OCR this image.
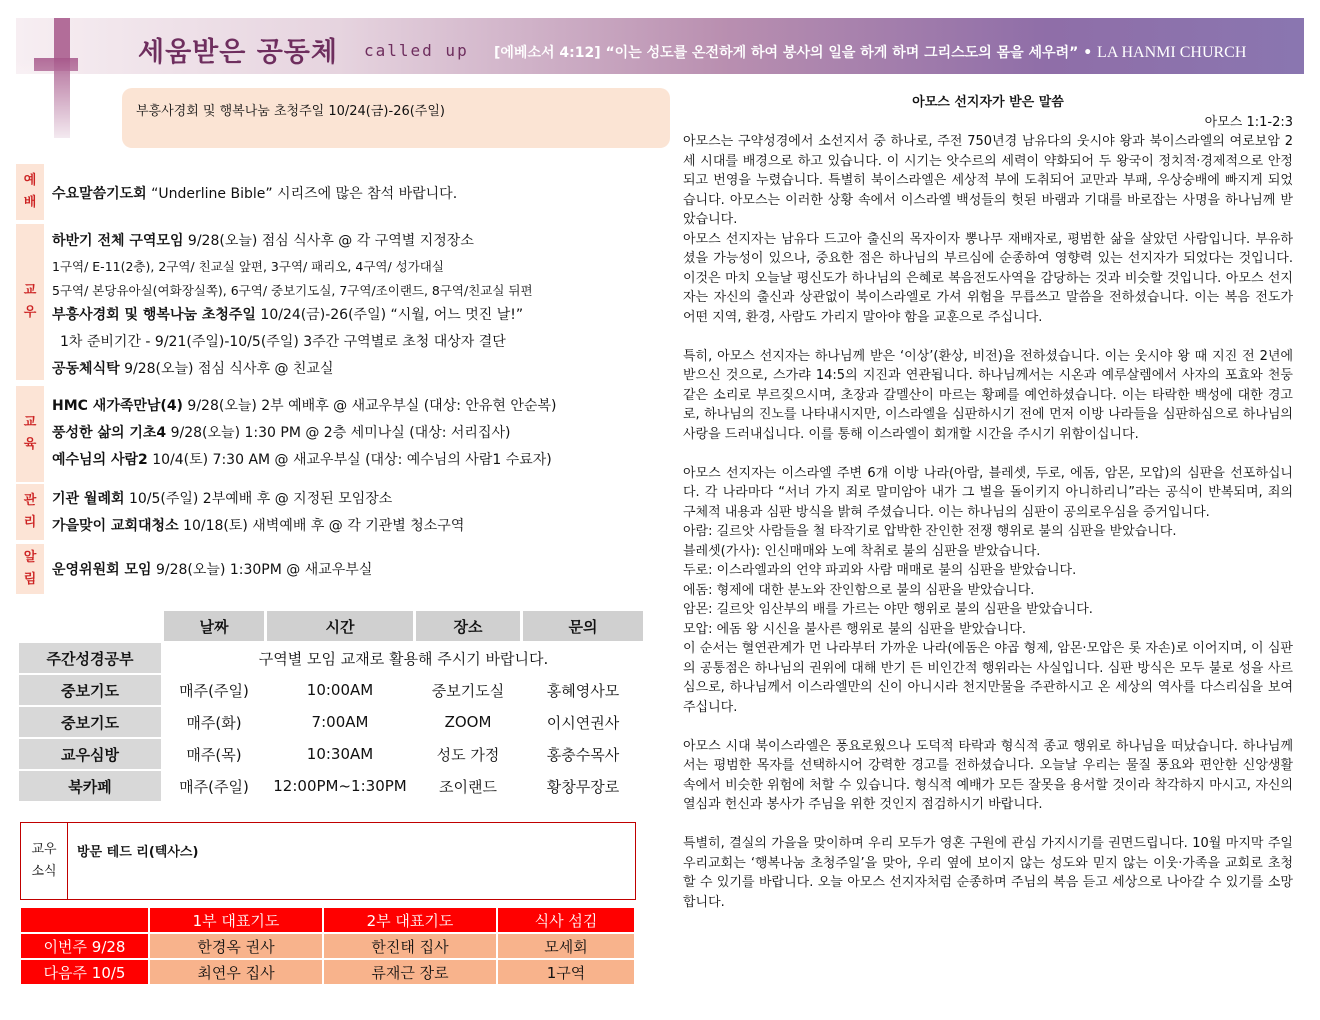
세움받은 공동체 called up [에베소서 4:12] “이는 성도를 온전하게 하여 봉사의 일을 하게 하며 그리스도의 몸을 세우려” • LA HANMI CHURCH
부흥사경회 및 행복나눔 초청주일 10/24(금)-26(주일)
예
배
수요말씀기도회 “Underline Bible” 시리즈에 많은 참석 바랍니다.
교
우
하반기 전체 구역모임 9/28(오늘) 점심 식사후 @ 각 구역별 지정장소
1구역/ E-11(2층), 2구역/ 친교실 앞편, 3구역/ 패리오, 4구역/ 성가대실
5구역/ 본당유아실(여화장실쪽), 6구역/ 중보기도실, 7구역/조이랜드, 8구역/친교실 뒤편
부흥사경회 및 행복나눔 초청주일 10/24(금)-26(주일) “시월, 어느 멋진 날!”
1차 준비기간 - 9/21(주일)-10/5(주일) 3주간 구역별로 초청 대상자 결단
공동체식탁 9/28(오늘) 점심 식사후 @ 친교실
교
육
HMC 새가족만남(4) 9/28(오늘) 2부 예배후 @ 새교우부실 (대상: 안유현 안순복)
풍성한 삶의 기초4 9/28(오늘) 1:30 PM @ 2층 세미나실 (대상: 서리집사)
예수님의 사람2 10/4(토) 7:30 AM @ 새교우부실 (대상: 예수님의 사람1 수료자)
관
리
기관 월례회 10/5(주일) 2부예배 후 @ 지정된 모임장소
가을맞이 교회대청소 10/18(토) 새벽예배 후 @ 각 기관별 청소구역
알
림
운영위원회 모임 9/28(오늘) 1:30PM @ 새교우부실
	날짜	시간	장소	문의
주간성경공부	구역별 모임 교재로 활용해 주시기 바랍니다.			
중보기도	매주(주일)	10:00AM	중보기도실	홍혜영사모
중보기도	매주(화)	7:00AM	ZOOM	이시연권사
교우심방	매주(목)	10:30AM	성도 가정	홍충수목사
북카페	매주(주일)	12:00PM~1:30PM	조이랜드	황창무장로
교우
소식
방문 테드 리(텍사스)
	1부 대표기도	2부 대표기도	식사 섬김
이번주 9/28	한경옥 권사	한진태 집사	모세회
다음주 10/5	최연우 집사	류재근 장로	1구역
아모스 선지자가 받은 말씀
아모스 1:1-2:3

아모스는 구약성경에서 소선지서 중 하나로, 주전 750년경 남유다의 웃시야 왕과 북이스라엘의 여로보암 2세 시대를 배경으로 하고 있습니다. 이 시기는 앗수르의 세력이 약화되어 두 왕국이 정치적·경제적으로 안정되고 번영을 누렸습니다. 특별히 북이스라엘은 세상적 부에 도취되어 교만과 부패, 우상숭배에 빠지게 되었습니다. 아모스는 이러한 상황 속에서 이스라엘 백성들의 헛된 바램과 기대를 바로잡는 사명을 하나님께 받았습니다.

아모스 선지자는 남유다 드고아 출신의 목자이자 뽕나무 재배자로, 평범한 삶을 살았던 사람입니다. 부유하셨을 가능성이 있으나, 중요한 점은 하나님의 부르심에 순종하여 영향력 있는 선지자가 되었다는 것입니다. 이것은 마치 오늘날 평신도가 하나님의 은혜로 복음전도사역을 감당하는 것과 비슷할 것입니다. 아모스 선지자는 자신의 출신과 상관없이 북이스라엘로 가셔 위험을 무릅쓰고 말씀을 전하셨습니다. 이는 복음 전도가 어떤 지역, 환경, 사람도 가리지 말아야 함을 교훈으로 주십니다.

특히, 아모스 선지자는 하나님께 받은 ‘이상’(환상, 비전)을 전하셨습니다. 이는 웃시야 왕 때 지진 전 2년에 받으신 것으로, 스가랴 14:5의 지진과 연관됩니다. 하나님께서는 시온과 예루살렘에서 사자의 포효와 천둥 같은 소리로 부르짖으시며, 초장과 갈멜산이 마르는 황폐를 예언하셨습니다. 이는 타락한 백성에 대한 경고로, 하나님의 진노를 나타내시지만, 이스라엘을 심판하시기 전에 먼저 이방 나라들을 심판하심으로 하나님의 사랑을 드러내십니다. 이를 통해 이스라엘이 회개할 시간을 주시기 위함이십니다.

아모스 선지자는 이스라엘 주변 6개 이방 나라(아람, 블레셋, 두로, 에돔, 암몬, 모압)의 심판을 선포하십니다. 각 나라마다 “서너 가지 죄로 말미암아 내가 그 벌을 돌이키지 아니하리니”라는 공식이 반복되며, 죄의 구체적 내용과 심판 방식을 밝혀 주셨습니다. 이는 하나님의 심판이 공의로우심을 증거입니다.

아람: 길르앗 사람들을 철 타작기로 압박한 잔인한 전쟁 행위로 불의 심판을 받았습니다.

블레셋(가사): 인신매매와 노예 착취로 불의 심판을 받았습니다.

두로: 이스라엘과의 언약 파괴와 사람 매매로 불의 심판을 받았습니다.

에돔: 형제에 대한 분노와 잔인함으로 불의 심판을 받았습니다.

암몬: 길르앗 임산부의 배를 가르는 야만 행위로 불의 심판을 받았습니다.

모압: 에돔 왕 시신을 불사른 행위로 불의 심판을 받았습니다.

이 순서는 혈연관계가 먼 나라부터 가까운 나라(에돔은 야곱 형제, 암몬·모압은 롯 자손)로 이어지며, 이 심판의 공통점은 하나님의 권위에 대해 반기 든 비인간적 행위라는 사실입니다. 심판 방식은 모두 불로 성을 사르심으로, 하나님께서 이스라엘만의 신이 아니시라 천지만물을 주관하시고 온 세상의 역사를 다스리심을 보여주십니다.

아모스 시대 북이스라엘은 풍요로웠으나 도덕적 타락과 형식적 종교 행위로 하나님을 떠났습니다. 하나님께서는 평범한 목자를 선택하시어 강력한 경고를 전하셨습니다. 오늘날 우리는 물질 풍요와 편안한 신앙생활 속에서 비슷한 위험에 처할 수 있습니다. 형식적 예배가 모든 잘못을 용서할 것이라 착각하지 마시고, 자신의 열심과 헌신과 봉사가 주님을 위한 것인지 점검하시기 바랍니다.

특별히, 결실의 가을을 맞이하며 우리 모두가 영혼 구원에 관심 가지시기를 권면드립니다. 10월 마지막 주일 우리교회는 ‘행복나눔 초청주일’을 맞아, 우리 옆에 보이지 않는 성도와 믿지 않는 이웃·가족을 교회로 초청할 수 있기를 바랍니다. 오늘 아모스 선지자처럼 순종하며 주님의 복음 듣고 세상으로 나아갈 수 있기를 소망합니다.
